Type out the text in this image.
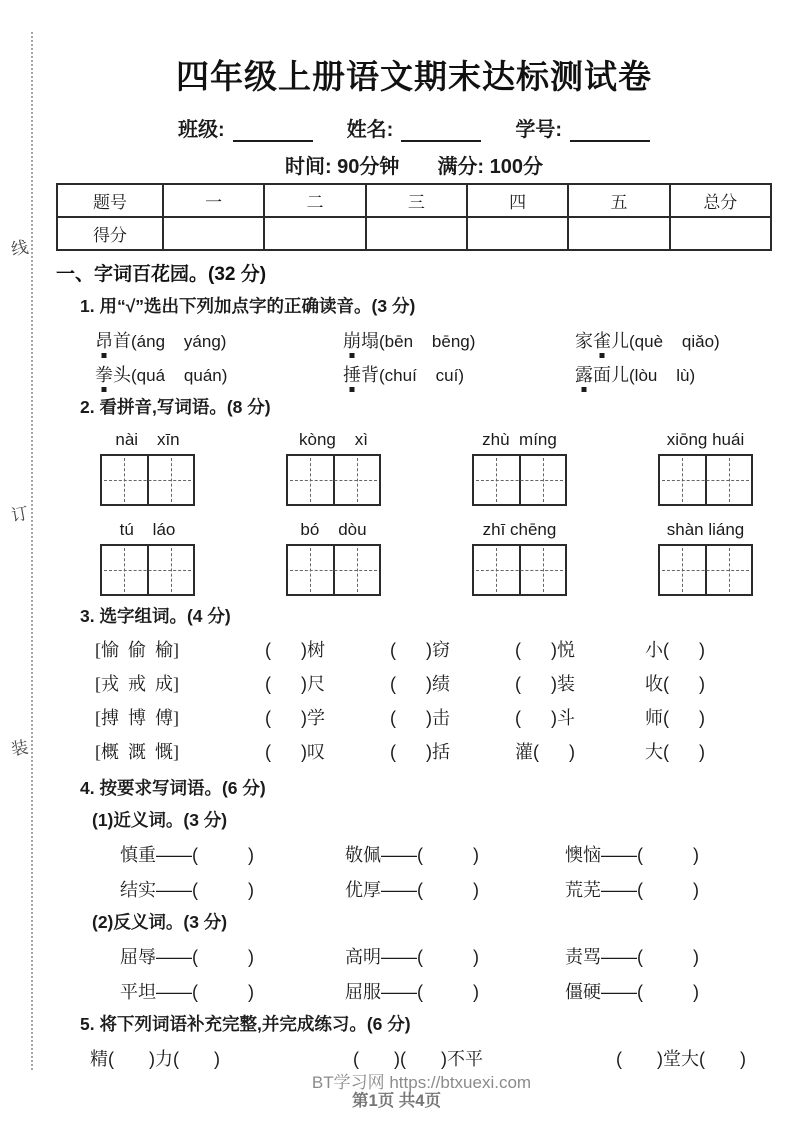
线
订
装
四年级上册语文期末达标测试卷
班级:	姓名:	学号:
时间: 90分钟 满分: 100分
题号	一	二	三	四	五	总分
得分						
一、字词百花园。(32 分)

1. 用“√”选出下列加点字的正确读音。(3 分)

昂首(áng    yáng)	崩塌(bēn    bēng)	家雀儿(què    qiǎo)
拳头(quá    quán)	捶背(chuí    cuí)	露面儿(lòu    lù)

2. 看拼音,写词语。(8 分)

nài    xīn	kòng    xì	zhù  míng	xiōng huái
tú    láo	bó    dòu	zhī chēng	shàn liáng

3. 选字组词。(4 分)

[愉  偷  榆]	(      )树	(      )窃	(      )悦	小(      )
[戎  戒  成]	(      )尺	(      )绩	(      )装	收(      )
[搏  博  傅]	(      )学	(      )击	(      )斗	师(      )
[概  溉  慨]	(      )叹	(      )括	灌(      )	大(      )

4. 按要求写词语。(6 分)

(1)近义词。(3 分)

慎重——(          )	敬佩——(          )	懊恼——(          )
结实——(          )	优厚——(          )	荒芜——(          )

(2)反义词。(3 分)

屈辱——(          )	高明——(          )	责骂——(          )
平坦——(          )	屈服——(          )	僵硬——(          )

5. 将下列词语补充完整,并完成练习。(6 分)

精(       )力(       )	(       )(       )不平	(       )堂大(       )
BT学习网 https://btxuexi.com
第1页 共4页
